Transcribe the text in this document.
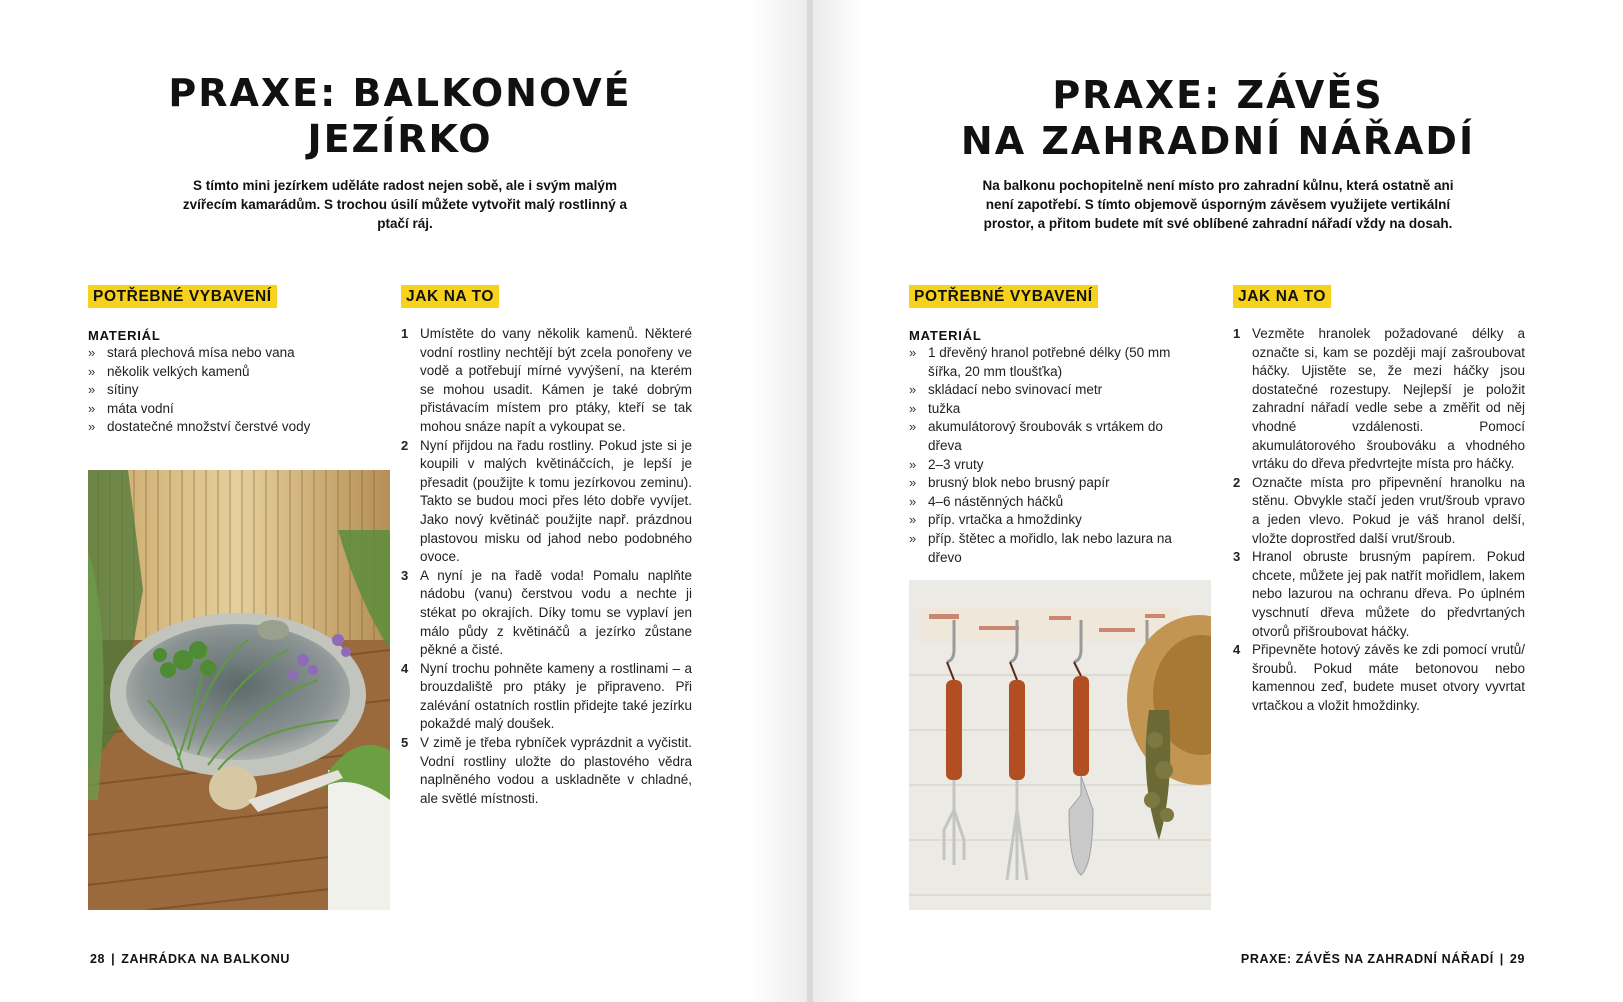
PRAXE: BALKONOVÉ JEZÍRKO

S tímto mini jezírkem uděláte radost nejen sobě, ale i svým malým zvířecím kamarádům. S trochou úsilí můžete vytvořit malý rostlinný a ptačí ráj.

POTŘEBNÉ VYBAVENÍ	JAK NA TO
MATERIÁL
» stará plechová mísa nebo vana
» několik velkých kamenů
» sítiny
» máta vodní
» dostatečné množství čerstvé vody
1 Umístěte do vany několik kamenů. Některé vodní rostliny nechtějí být zcela ponořeny ve vodě a potřebují mírné vyvýšení, na kterém se mohou usadit. Kámen je také dobrým přistávacím místem pro ptáky, kteří se tak mohou snáze napít a vykoupat se.
2 Nyní přijdou na řadu rostliny. Pokud jste si je koupili v malých květináčcích, je lepší je přesadit (použijte k tomu jezírkovou zeminu). Takto se budou moci přes léto dobře vyvíjet. Jako nový květináč použijte např. prázdnou plastovou misku od jahod nebo podobného ovoce.
3 A nyní je na řadě voda! Pomalu naplňte nádobu (vanu) čerstvou vodu a nechte ji stékat po okrajích. Díky tomu se vyplaví jen málo půdy z květináčů a jezírko zůstane pěkné a čisté.
4 Nyní trochu pohněte kameny a rostlinami – a brouzdaliště pro ptáky je připraveno. Při zalévání ostatních rostlin přidejte také jezírku pokaždé malý doušek.
5 V zimě je třeba rybníček vyprázdnit a vyčistit. Vodní rostliny uložte do plastového vědra naplněného vodou a uskladněte v chladné, ale světlé místnosti.
28 | ZAHRÁDKA NA BALKONU
PRAXE: ZÁVĚS
NA ZAHRADNÍ NÁŘADÍ

Na balkonu pochopitelně není místo pro zahradní kůlnu, která ostatně ani není zapotřebí. S tímto objemově úsporným závěsem využijete vertikální prostor, a přitom budete mít své oblíbené zahradní nářadí vždy na dosah.

POTŘEBNÉ VYBAVENÍ	JAK NA TO
MATERIÁL
» 1 dřevěný hranol potřebné délky (50 mm šířka, 20 mm tloušťka)
» skládací nebo svinovací metr
» tužka
» akumulátorový šroubovák s vrtákem do dřeva
» 2–3 vruty
» brusný blok nebo brusný papír
» 4–6 nástěnných háčků
» příp. vrtačka a hmoždinky
» příp. štětec a mořidlo, lak nebo lazura na dřevo
1 Vezměte hranolek požadované délky a označte si, kam se později mají zašroubovat háčky. Ujistěte se, že mezi háčky jsou dostatečné rozestupy. Nejlepší je položit zahradní nářadí vedle sebe a změřit od něj vhodné vzdálenosti. Pomocí akumulátorového šroubováku a vhodného vrtáku do dřeva předvrtejte místa pro háčky.
2 Označte místa pro připevnění hranolku na stěnu. Obvykle stačí jeden vrut/šroub vpravo a jeden vlevo. Pokud je váš hranol delší, vložte doprostřed další vrut/šroub.
3 Hranol obruste brusným papírem. Pokud chcete, můžete jej pak natřít mořidlem, lakem nebo lazurou na ochranu dřeva. Po úplném vyschnutí dřeva můžete do předvrtaných otvorů přišroubovat háčky.
4 Připevněte hotový závěs ke zdi pomocí vrutů/šroubů. Pokud máte betonovou nebo kamennou zeď, budete muset otvory vyvrtat vrtačkou a vložit hmoždinky.
PRAXE: ZÁVĚS NA ZAHRADNÍ NÁŘADÍ | 29
